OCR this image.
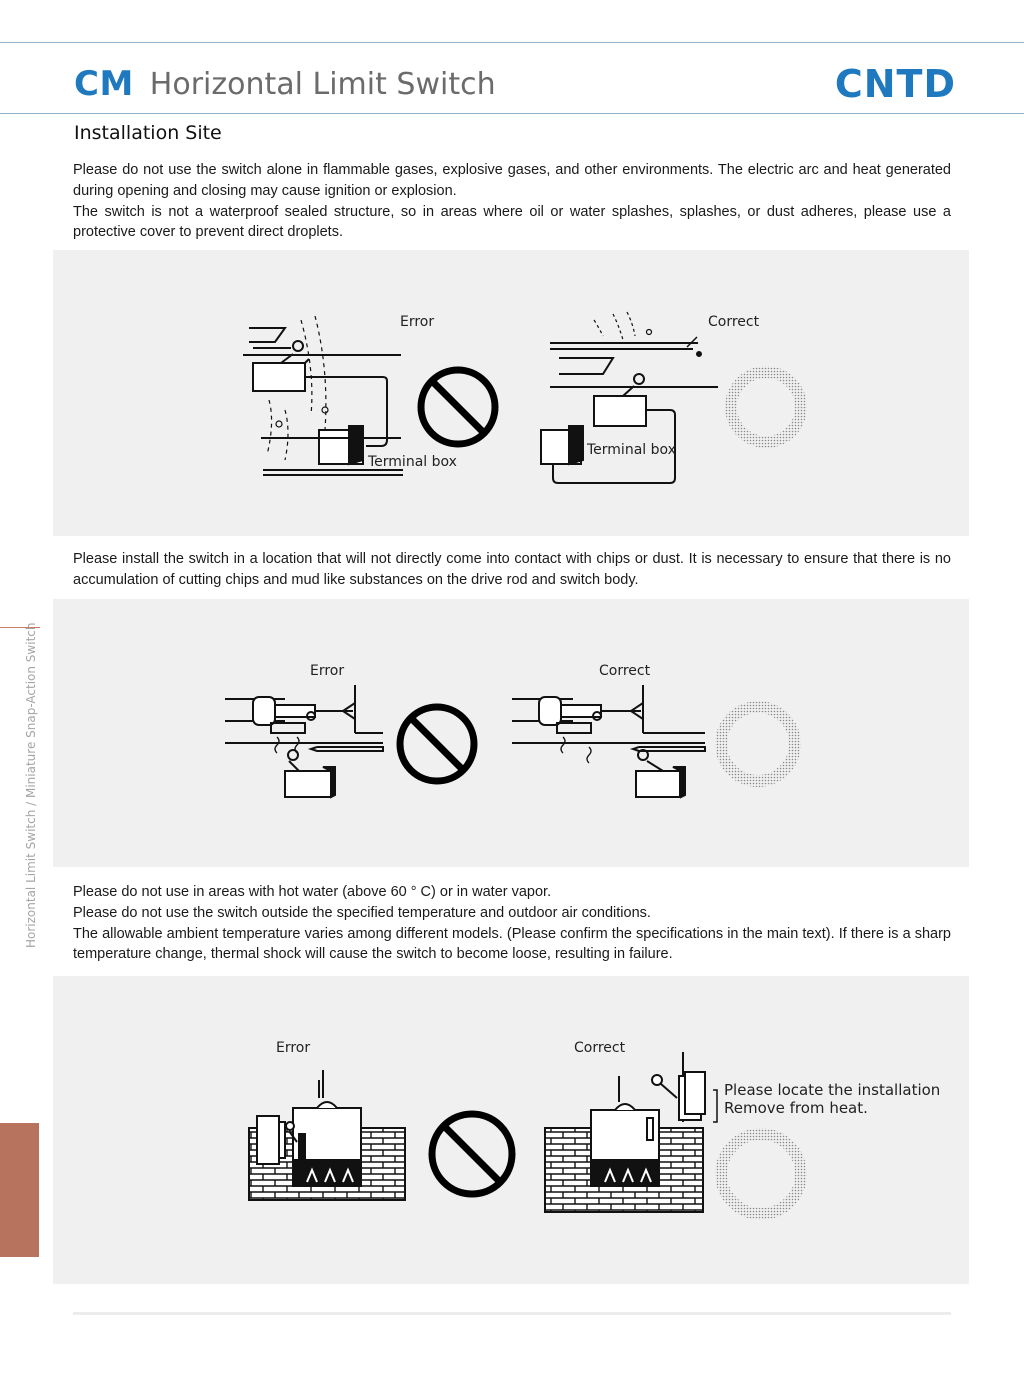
CM Horizontal Limit Switch	CNTD
Installation Site

Please do not use the switch alone in flammable gases, explosive gases, and other environments. The electric arc and heat generated during opening and closing may cause ignition or explosion.

The switch is not a waterproof sealed structure, so in areas where oil or water splashes, splashes, or dust adheres, please use a protective cover to prevent direct droplets.

Error
Terminal box
Correct
Terminal box

Please install the switch in a location that will not directly come into contact with chips or dust. It is necessary to ensure that there is no accumulation of cutting chips and mud like substances on the drive rod and switch body.

Error	Correct

Please do not use in areas with hot water (above 60 ° C) or in water vapor.

Please do not use the switch outside the specified temperature and outdoor air conditions.

The allowable ambient temperature varies among different models. (Please confirm the specifications in the main text). If there is a sharp temperature change, thermal shock will cause the switch to become loose, resulting in failure.

Error	Correct
Please locate the installation
Remove from heat.
Horizontal Limit Switch / Miniature Snap-Action Switch
